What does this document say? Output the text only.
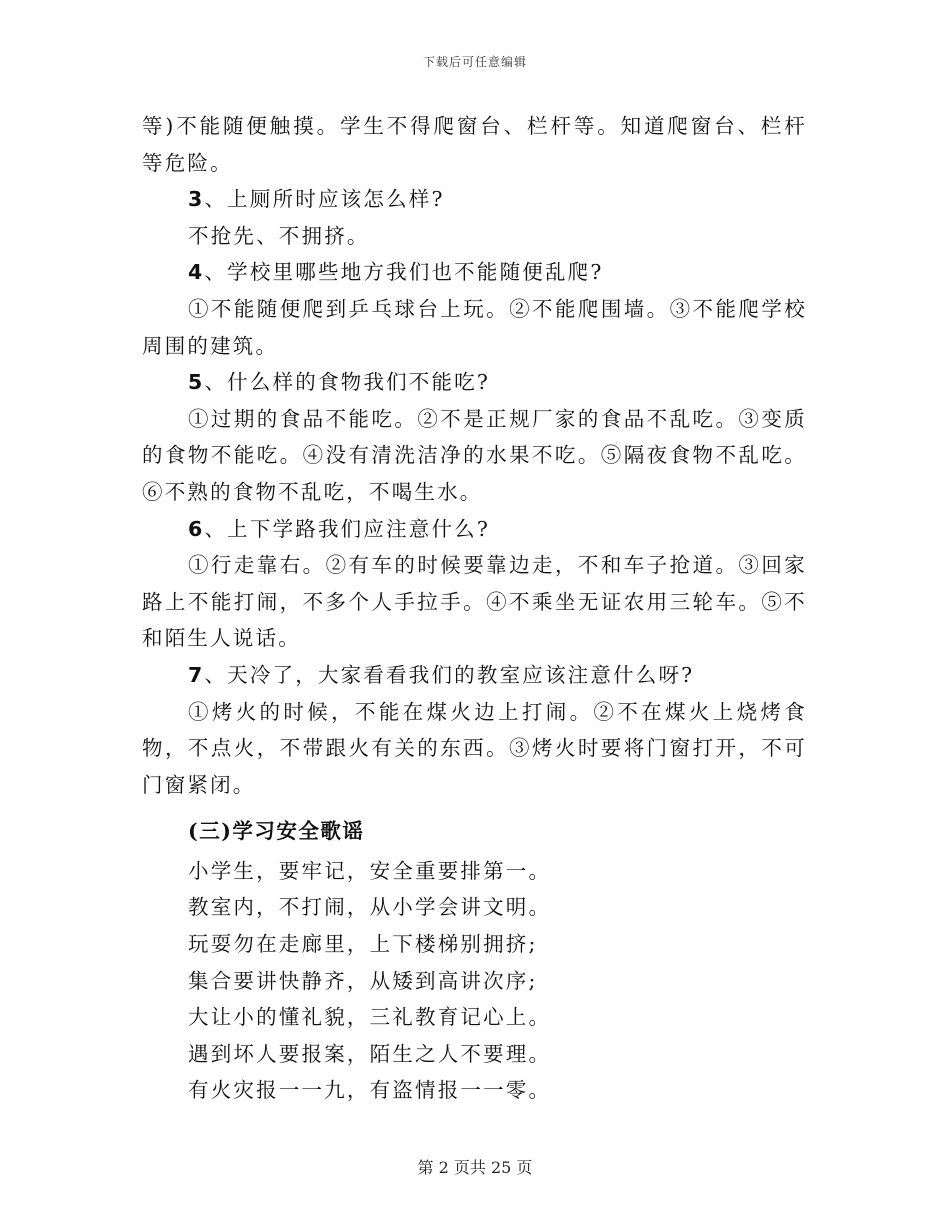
下载后可任意编辑

等)不能随便触摸。学生不得爬窗台、栏杆等。知道爬窗台、栏杆等危险。

3、上厕所时应该怎么样?

不抢先、不拥挤。

4、学校里哪些地方我们也不能随便乱爬?

①不能随便爬到乒乓球台上玩。②不能爬围墙。③不能爬学校周围的建筑。

5、什么样的食物我们不能吃?

①过期的食品不能吃。②不是正规厂家的食品不乱吃。③变质的食物不能吃。④没有清洗洁净的水果不吃。⑤隔夜食物不乱吃。⑥不熟的食物不乱吃，不喝生水。

6、上下学路我们应注意什么?

①行走靠右。②有车的时候要靠边走，不和车子抢道。③回家路上不能打闹，不多个人手拉手。④不乘坐无证农用三轮车。⑤不和陌生人说话。

7、天冷了，大家看看我们的教室应该注意什么呀?

①烤火的时候，不能在煤火边上打闹。②不在煤火上烧烤食物，不点火，不带跟火有关的东西。③烤火时要将门窗打开，不可门窗紧闭。

(三)学习安全歌谣

小学生，要牢记，安全重要排第一。

教室内，不打闹，从小学会讲文明。

玩耍勿在走廊里，上下楼梯别拥挤;

集合要讲快静齐，从矮到高讲次序;

大让小的懂礼貌，三礼教育记心上。

遇到坏人要报案，陌生之人不要理。

有火灾报一一九，有盗情报一一零。

第 2 页共 25 页
